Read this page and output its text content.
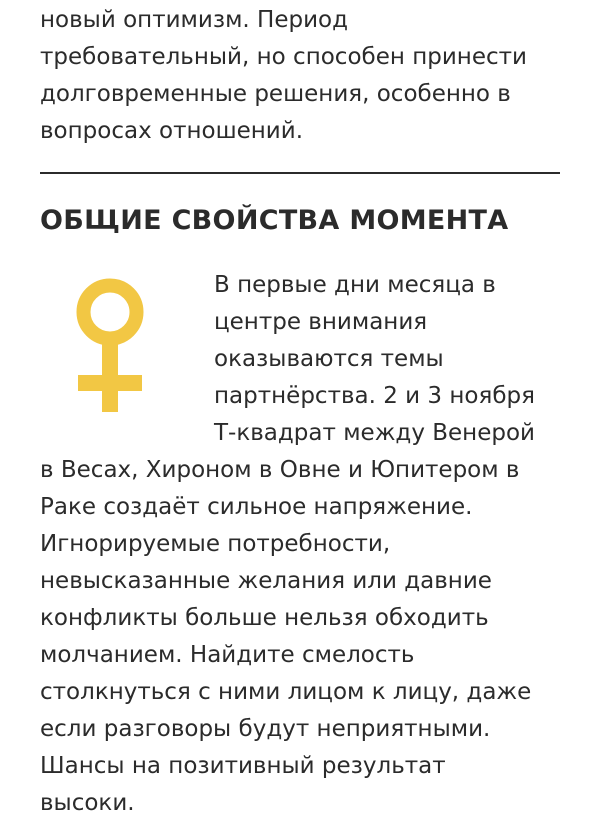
новый оптимизм. Период
требовательный, но способен принести
долговременные решения, особенно в
вопросах отношений.
ОБЩИЕ СВОЙСТВА МОМЕНТА
В первые дни месяца в
центре внимания
оказываются темы
партнёрства. 2 и 3 ноября
Т-квадрат между Венерой
в Весах, Хироном в Овне и Юпитером в
Раке создаёт сильное напряжение.
Игнорируемые потребности,
невысказанные желания или давние
конфликты больше нельзя обходить
молчанием. Найдите смелость
столкнуться с ними лицом к лицу, даже
если разговоры будут неприятными.
Шансы на позитивный результат
высоки.
